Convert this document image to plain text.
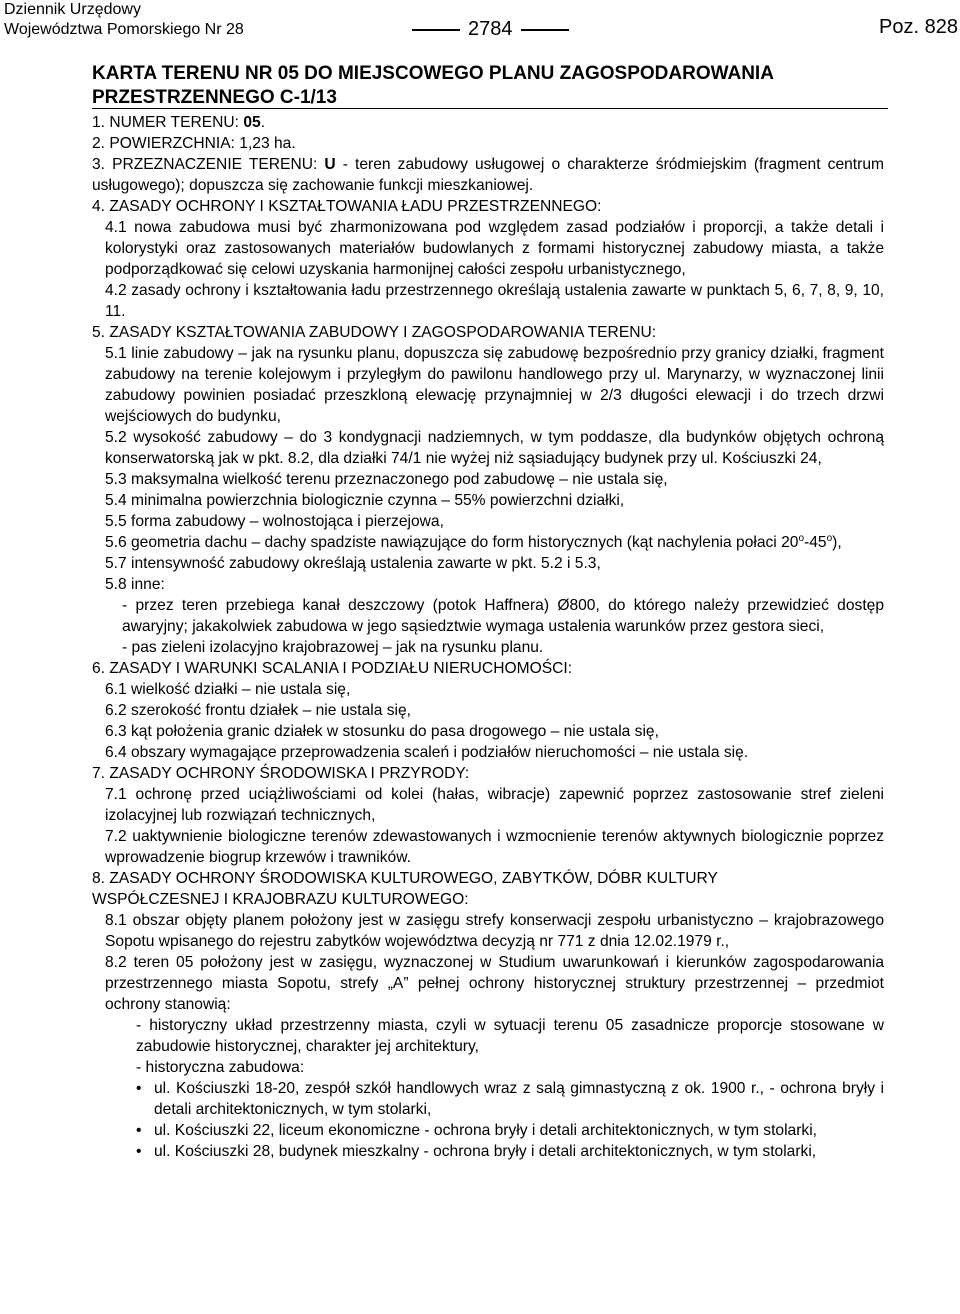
Dziennik Urzędowy
Województwa Pomorskiego Nr 28	2784	Poz. 828
KARTA TERENU NR 05 DO MIEJSCOWEGO PLANU ZAGOSPODAROWANIA
PRZESTRZENNEGO C-1/13

1. NUMER TERENU: 05.

2. POWIERZCHNIA: 1,23 ha.

3. PRZEZNACZENIE TERENU: U - teren zabudowy usługowej o charakterze śródmiejskim (fragment centrum usługowego); dopuszcza się zachowanie funkcji mieszkaniowej.

4. ZASADY OCHRONY I KSZTAŁTOWANIA ŁADU PRZESTRZENNEGO:

4.1 nowa zabudowa musi być zharmonizowana pod względem zasad podziałów i proporcji, a także detali i kolorystyki oraz zastosowanych materiałów budowlanych z formami historycznej zabudowy miasta, a także podporządkować się celowi uzyskania harmonijnej całości zespołu urbanistycznego,

4.2 zasady ochrony i kształtowania ładu przestrzennego określają ustalenia zawarte w punktach 5, 6, 7, 8, 9, 10, 11.

5. ZASADY KSZTAŁTOWANIA ZABUDOWY I ZAGOSPODAROWANIA TERENU:

5.1 linie zabudowy – jak na rysunku planu, dopuszcza się zabudowę bezpośrednio przy granicy działki, fragment zabudowy na terenie kolejowym i przyległym do pawilonu handlowego przy ul. Marynarzy, w wyznaczonej linii zabudowy powinien posiadać przeszkloną elewację przynajmniej w 2/3 długości elewacji i do trzech drzwi wejściowych do budynku,

5.2 wysokość zabudowy – do 3 kondygnacji nadziemnych, w tym poddasze, dla budynków objętych ochroną konserwatorską jak w pkt. 8.2, dla działki 74/1 nie wyżej niż sąsiadujący budynek przy ul. Kościuszki 24,

5.3 maksymalna wielkość terenu przeznaczonego pod zabudowę – nie ustala się,

5.4 minimalna powierzchnia biologicznie czynna – 55% powierzchni działki,

5.5 forma zabudowy – wolnostojąca i pierzejowa,

5.6 geometria dachu – dachy spadziste nawiązujące do form historycznych (kąt nachylenia połaci 20$^o$-45$^o$),

5.7 intensywność zabudowy określają ustalenia zawarte w pkt. 5.2 i 5.3,

5.8 inne:

- przez teren przebiega kanał deszczowy (potok Haffnera) Ø800, do którego należy przewidzieć dostęp awaryjny; jakakolwiek zabudowa w jego sąsiedztwie wymaga ustalenia warunków przez gestora sieci,

- pas zieleni izolacyjno krajobrazowej – jak na rysunku planu.

6. ZASADY I WARUNKI SCALANIA I PODZIAŁU NIERUCHOMOŚCI:

6.1 wielkość działki – nie ustala się,

6.2 szerokość frontu działek – nie ustala się,

6.3 kąt położenia granic działek w stosunku do pasa drogowego – nie ustala się,

6.4 obszary wymagające przeprowadzenia scaleń i podziałów nieruchomości – nie ustala się.

7. ZASADY OCHRONY ŚRODOWISKA I PRZYRODY:

7.1 ochronę przed uciążliwościami od kolei (hałas, wibracje) zapewnić poprzez zastosowanie stref zieleni izolacyjnej lub rozwiązań technicznych,

7.2 uaktywnienie biologiczne terenów zdewastowanych i wzmocnienie terenów aktywnych biologicznie poprzez wprowadzenie biogrup krzewów i trawników.

8. ZASADY OCHRONY ŚRODOWISKA KULTUROWEGO, ZABYTKÓW, DÓBR KULTURY

WSPÓŁCZESNEJ I KRAJOBRAZU KULTUROWEGO:

8.1 obszar objęty planem położony jest w zasięgu strefy konserwacji zespołu urbanistyczno – krajobrazowego Sopotu wpisanego do rejestru zabytków województwa decyzją nr 771 z dnia 12.02.1979 r.,

8.2 teren 05 położony jest w zasięgu, wyznaczonej w Studium uwarunkowań i kierunków zagospodarowania przestrzennego miasta Sopotu, strefy „A” pełnej ochrony historycznej struktury przestrzennej – przedmiot ochrony stanowią:

- historyczny układ przestrzenny miasta, czyli w sytuacji terenu 05 zasadnicze proporcje stosowane w zabudowie historycznej, charakter jej architektury,

- historyczna zabudowa:

• ul. Kościuszki 18-20, zespół szkół handlowych wraz z salą gimnastyczną z ok. 1900 r., - ochrona bryły i detali architektonicznych, w tym stolarki,
• ul. Kościuszki 22, liceum ekonomiczne - ochrona bryły i detali architektonicznych, w tym stolarki,
• ul. Kościuszki 28, budynek mieszkalny - ochrona bryły i detali architektonicznych, w tym stolarki,
